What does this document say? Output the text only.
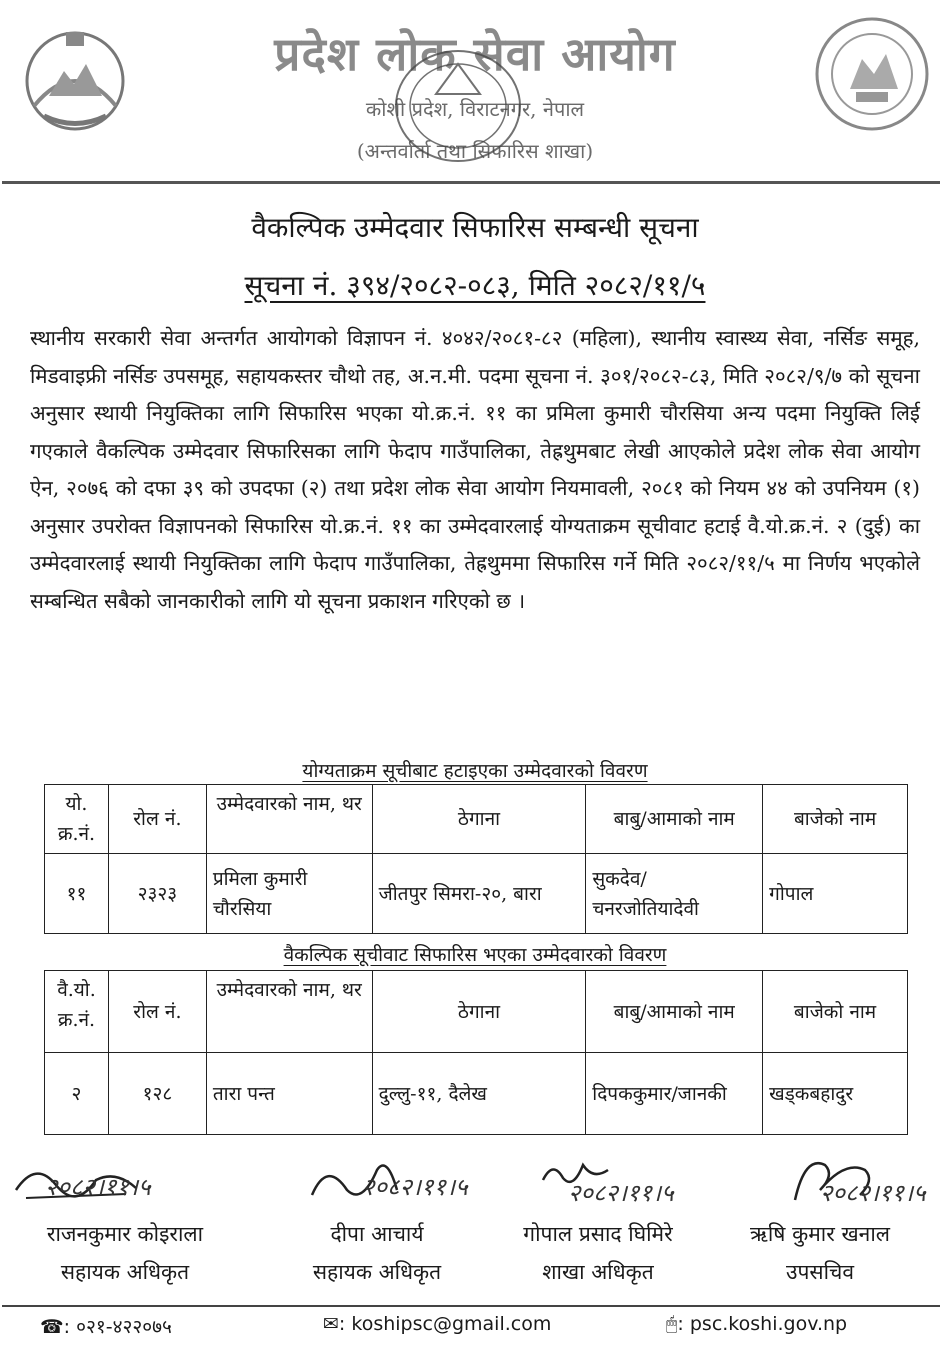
प्रदेश लोक सेवा आयोग
कोशी प्रदेश, विराटनगर, नेपाल
(अन्तर्वार्ता तथा सिफारिस शाखा)
वैकल्पिक उम्मेदवार सिफारिस सम्बन्धी सूचना
सूचना नं. ३९४/२०८२-०८३, मिति २०८२/११/५
स्थानीय सरकारी सेवा अन्तर्गत आयोगको विज्ञापन नं. ४०४२/२०८१-८२ (महिला), स्थानीय स्वास्थ्य सेवा, नर्सिङ समूह, मिडवाइफ्री नर्सिङ उपसमूह, सहायकस्तर चौथो तह, अ.न.मी. पदमा सूचना नं. ३०१/२०८२-८३, मिति २०८२/९/७ को सूचना अनुसार स्थायी नियुक्तिका लागि सिफारिस भएका यो.क्र.नं. ११ का प्रमिला कुमारी चौरसिया अन्य पदमा नियुक्ति लिई गएकाले वैकल्पिक उम्मेदवार सिफारिसका लागि फेदाप गाउँपालिका, तेह्रथुमबाट लेखी आएकोले प्रदेश लोक सेवा आयोग ऐन, २०७६ को दफा ३९ को उपदफा (२) तथा प्रदेश लोक सेवा आयोग नियमावली, २०८१ को नियम ४४ को उपनियम (१) अनुसार उपरोक्त विज्ञापनको सिफारिस यो.क्र.नं. ११ का उम्मेदवारलाई योग्यताक्रम सूचीवाट हटाई वै.यो.क्र.नं. २ (दुई) का उम्मेदवारलाई स्थायी नियुक्तिका लागि फेदाप गाउँपालिका, तेह्रथुममा सिफारिस गर्ने मिति २०८२/११/५ मा निर्णय भएकोले सम्बन्धित सबैको जानकारीको लागि यो सूचना प्रकाशन गरिएको छ ।
योग्यताक्रम सूचीबाट हटाइएका उम्मेदवारको विवरण
यो. क्र.नं.	रोल नं.	उम्मेदवारको नाम, थर	ठेगाना	बाबु/आमाको नाम	बाजेको नाम
११	२३२३	प्रमिला कुमारी चौरसिया	जीतपुर सिमरा-२०, बारा	सुकदेव/ चनरजोतियादेवी	गोपाल
वैकल्पिक सूचीवाट सिफारिस भएका उम्मेदवारको विवरण
वै.यो. क्र.नं.	रोल नं.	उम्मेदवारको नाम, थर	ठेगाना	बाबु/आमाको नाम	बाजेको नाम
२	१२८	तारा पन्त	दुल्लु-११, दैलेख	दिपककुमार/जानकी	खड्कबहादुर
२०८२।११।५
राजनकुमार कोइराला
सहायक अधिकृत
२०८२।११।५
दीपा आचार्य
सहायक अधिकृत
२०८२।११।५
गोपाल प्रसाद घिमिरे
शाखा अधिकृत
२०८२।११।५
ऋषि कुमार खनाल
उपसचिव
☎: ०२१-४२२०७५	✉: koshipsc@gmail.com	🖱: psc.koshi.gov.np
